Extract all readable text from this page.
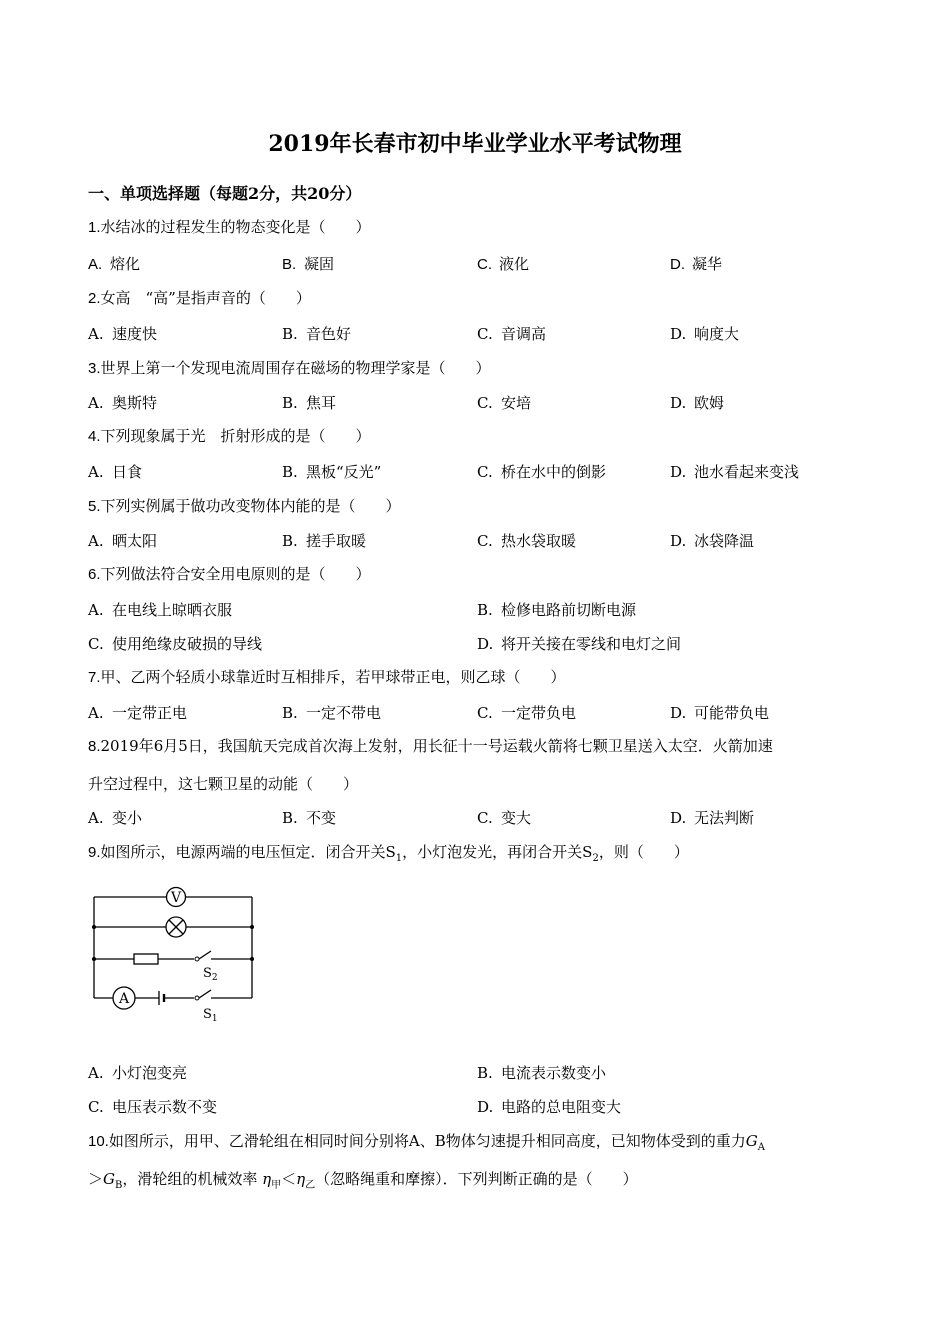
2019年长春市初中毕业学业水平考试物理
一、单项选择题（每题2分，共20分）
1.水结冰的过程发生的物态变化是（　　）
A. 熔化	B. 凝固	C. 液化	D. 凝华
2.女高　“高”是指声音的（　　）
A. 速度快	B. 音色好	C. 音调高	D. 响度大
3.世界上第一个发现电流周围存在磁场的物理学家是（　　）
A. 奥斯特	B. 焦耳	C. 安培	D. 欧姆
4.下列现象属于光　折射形成的是（　　）
A. 日食	B. 黑板“反光”	C. 桥在水中的倒影	D. 池水看起来变浅
5.下列实例属于做功改变物体内能的是（　　）
A. 晒太阳	B. 搓手取暖	C. 热水袋取暖	D. 冰袋降温
6.下列做法符合安全用电原则的是（　　）
A. 在电线上晾晒衣服	B. 检修电路前切断电源
C. 使用绝缘皮破损的导线	D. 将开关接在零线和电灯之间
7.甲、乙两个轻质小球靠近时互相排斥，若甲球带正电，则乙球（　　）
A. 一定带正电	B. 一定不带电	C. 一定带负电	D. 可能带负电
8.2019年6月5日，我国航天完成首次海上发射，用长征十一号运载火箭将七颗卫星送入太空．火箭加速
升空过程中，这七颗卫星的动能（　　）
A. 变小	B. 不变	C. 变大	D. 无法判断
9.如图所示，电源两端的电压恒定．闭合开关$S_1$，小灯泡发光，再闭合开关$S_2$，则（　　）
V
A
$S_2$
$S_1$
A. 小灯泡变亮	B. 电流表示数变小
C. 电压表示数不变	D. 电路的总电阻变大
10.如图所示，用甲、乙滑轮组在相同时间分别将A、B物体匀速提升相同高度，已知物体受到的重力$G_A$
$>G_B$，滑轮组的机械效率 $\eta_甲<\eta_乙$（忽略绳重和摩擦）．下列判断正确的是（　　）
